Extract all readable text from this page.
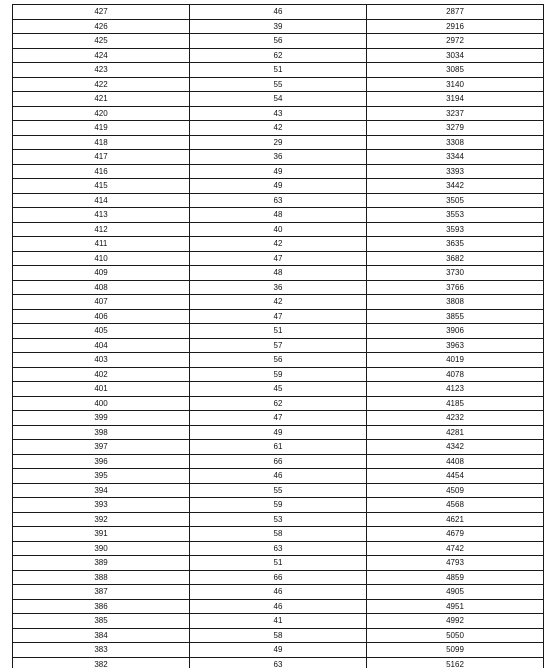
427	46	2877
426	39	2916
425	56	2972
424	62	3034
423	51	3085
422	55	3140
421	54	3194
420	43	3237
419	42	3279
418	29	3308
417	36	3344
416	49	3393
415	49	3442
414	63	3505
413	48	3553
412	40	3593
411	42	3635
410	47	3682
409	48	3730
408	36	3766
407	42	3808
406	47	3855
405	51	3906
404	57	3963
403	56	4019
402	59	4078
401	45	4123
400	62	4185
399	47	4232
398	49	4281
397	61	4342
396	66	4408
395	46	4454
394	55	4509
393	59	4568
392	53	4621
391	58	4679
390	63	4742
389	51	4793
388	66	4859
387	46	4905
386	46	4951
385	41	4992
384	58	5050
383	49	5099
382	63	5162
